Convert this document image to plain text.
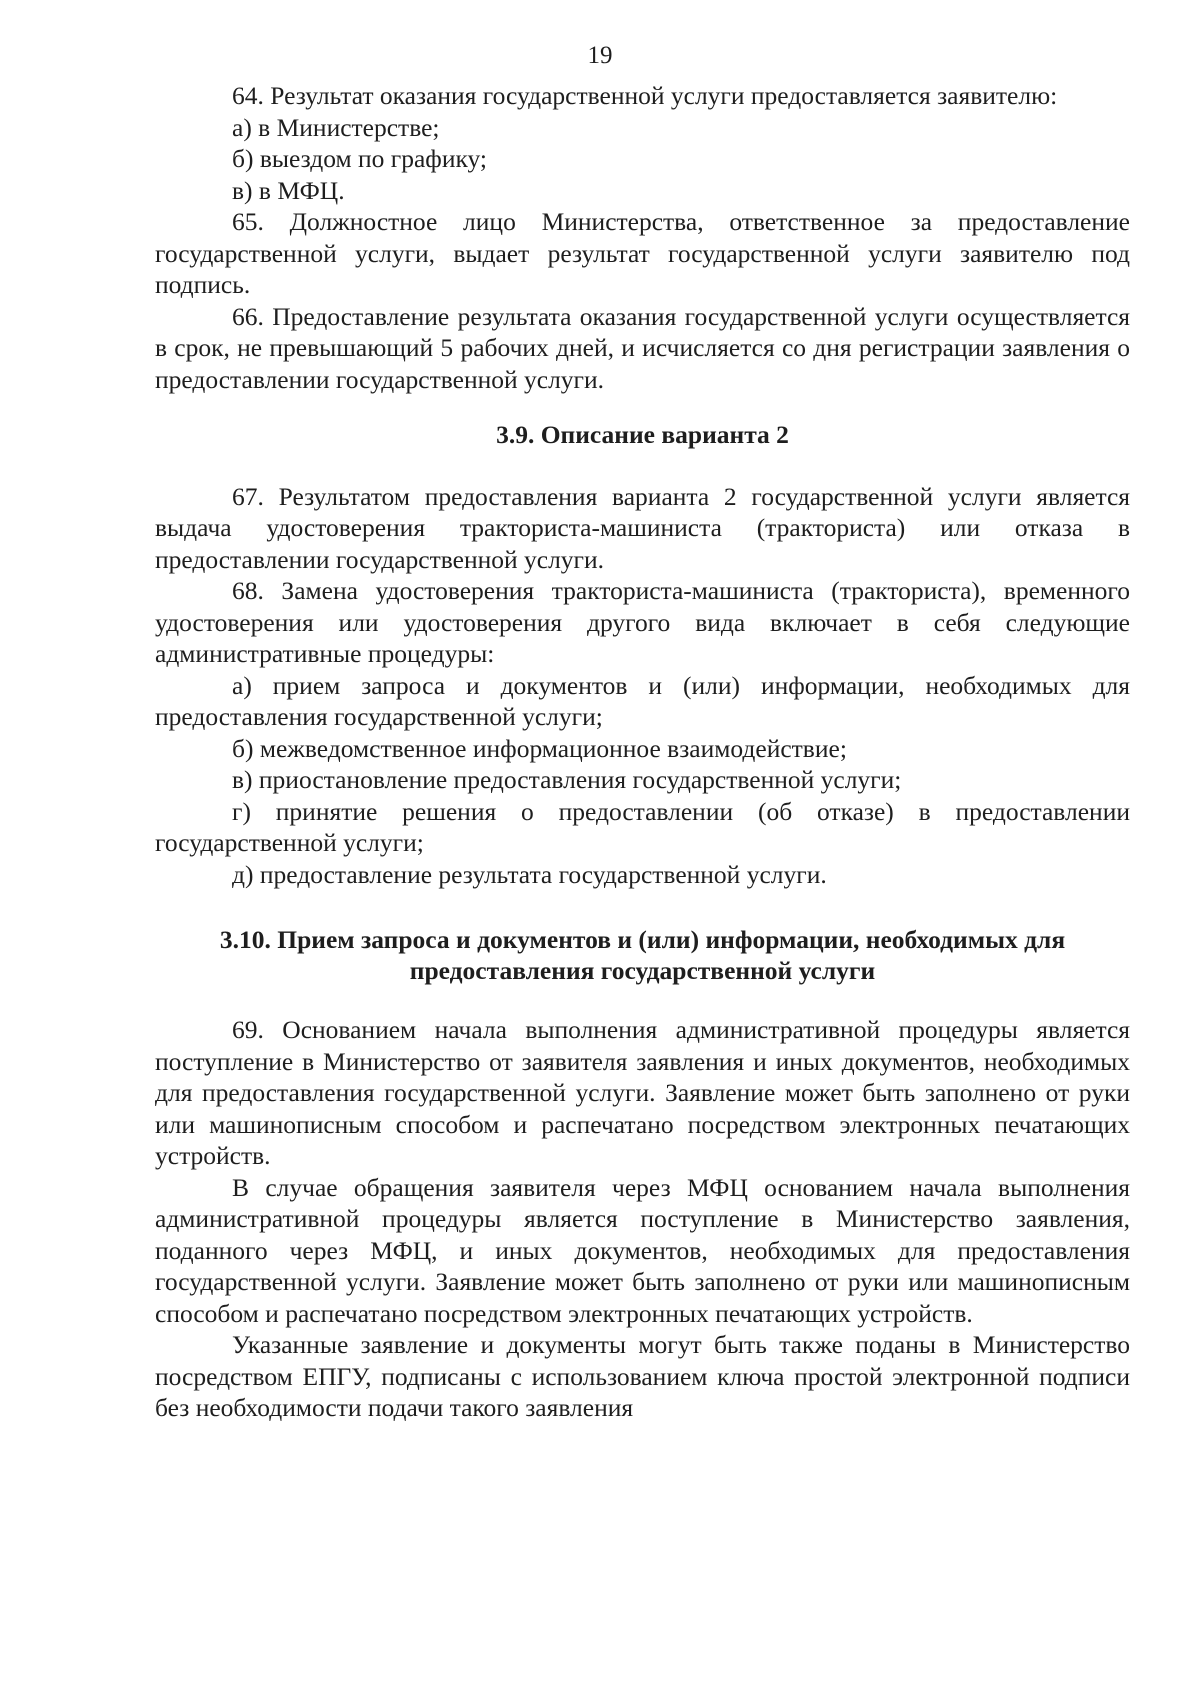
19

64. Результат оказания государственной услуги предоставляется заявителю:

а) в Министерстве;

б) выездом по графику;

в) в МФЦ.

65. Должностное лицо Министерства, ответственное за предоставление государственной услуги, выдает результат государственной услуги заявителю под подпись.

66. Предоставление результата оказания государственной услуги осуществляется в срок, не превышающий 5 рабочих дней, и исчисляется со дня регистрации заявления о предоставлении государственной услуги.

3.9. Описание варианта 2

67. Результатом предоставления варианта 2 государственной услуги является выдача удостоверения тракториста-машиниста (тракториста) или отказа в предоставлении государственной услуги.

68. Замена удостоверения тракториста-машиниста (тракториста), временного удостоверения или удостоверения другого вида включает в себя следующие административные процедуры:

а) прием запроса и документов и (или) информации, необходимых для предоставления государственной услуги;

б) межведомственное информационное взаимодействие;

в) приостановление предоставления государственной услуги;

г) принятие решения о предоставлении (об отказе) в предоставлении государственной услуги;

д) предоставление результата государственной услуги.

3.10. Прием запроса и документов и (или) информации, необходимых для предоставления государственной услуги

69. Основанием начала выполнения административной процедуры является поступление в Министерство от заявителя заявления и иных документов, необходимых для предоставления государственной услуги. Заявление может быть заполнено от руки или машинописным способом и распечатано посредством электронных печатающих устройств.

В случае обращения заявителя через МФЦ основанием начала выполнения административной процедуры является поступление в Министерство заявления, поданного через МФЦ, и иных документов, необходимых для предоставления государственной услуги. Заявление может быть заполнено от руки или машинописным способом и распечатано посредством электронных печатающих устройств.

Указанные заявление и документы могут быть также поданы в Министерство посредством ЕПГУ, подписаны с использованием ключа простой электронной подписи без необходимости подачи такого заявления
